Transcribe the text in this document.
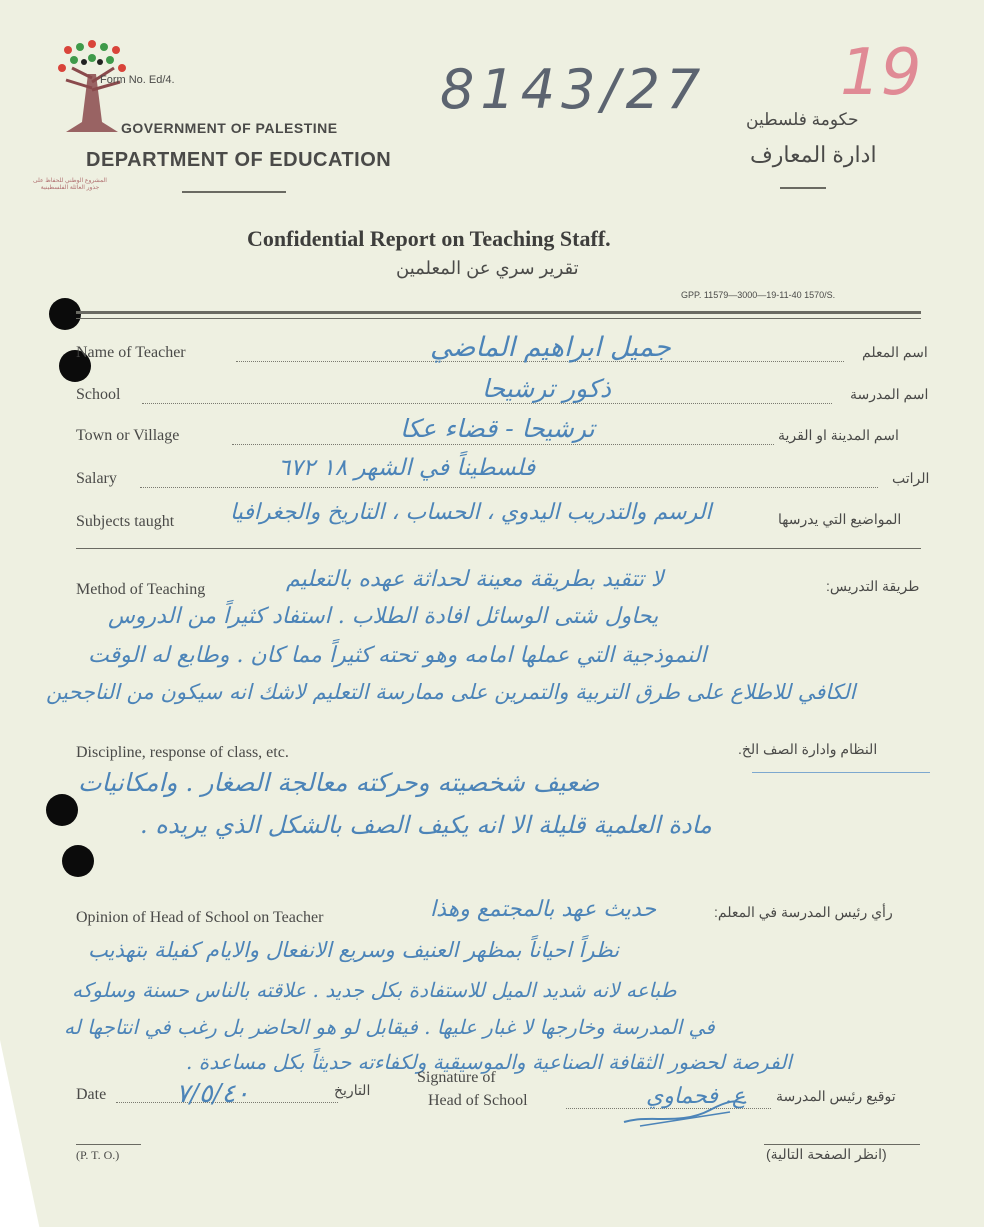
المشروع الوطني للحفاظ على جذور العائلة الفلسطينية
Form No. Ed/4.
GOVERNMENT OF PALESTINE
DEPARTMENT OF EDUCATION
حكومة فلسطين
ادارة المعارف
8143/27 19
Confidential Report on Teaching Staff.
تقرير سري عن المعلمين
GPP. 11579—3000—19-11-40 1570/S.
Name of Teacher	اسم المعلم
جميل ابراهيم الماضي
School	اسم المدرسة
ذكور ترشيحا
Town or Village	اسم المدينة او القرية
ترشيحا - قضاء عكا
Salary	الراتب
فلسطيناً في الشهر ١٨ ٦٧٢
Subjects taught	المواضيع التي يدرسها
الرسم والتدريب اليدوي ، الحساب ، التاريخ والجغرافيا
Method of Teaching	طريقة التدريس:
لا تتقيد بطريقة معينة لحداثة عهده بالتعليم
يحاول شتى الوسائل افادة الطلاب . استفاد كثيراً من الدروس
النموذجية التي عملها امامه وهو تحته كثيراً مما كان . وطابع له الوقت
الكافي للاطلاع على طرق التربية والتمرين على ممارسة التعليم لاشك انه سيكون من الناجحين
Discipline, response of class, etc.	النظام وادارة الصف الخ.
ضعيف شخصيته وحركته معالجة الصغار . وامكانيات
مادة العلمية قليلة الا انه يكيف الصف بالشكل الذي يريده .
Opinion of Head of School on Teacher	رأي رئيس المدرسة في المعلم:
حديث عهد بالمجتمع وهذا
نظراً احياناً بمظهر العنيف وسريع الانفعال والايام كفيلة بتهذيب
طباعه لانه شديد الميل للاستفادة بكل جديد . علاقته بالناس حسنة وسلوكه
في المدرسة وخارجها لا غبار عليها . فيقابل لو هو الحاضر بل رغب في انتاجها له
الفرصة لحضور الثقافة الصناعية والموسيقية ولكفاءته حديثاً بكل مساعدة .
Date	التاريخ
٧/٥/٤٠
Signature of
Head of School	توقيع رئيس المدرسة
ع. فحماوي
(P. T. O.)	(انظر الصفحة التالية)
